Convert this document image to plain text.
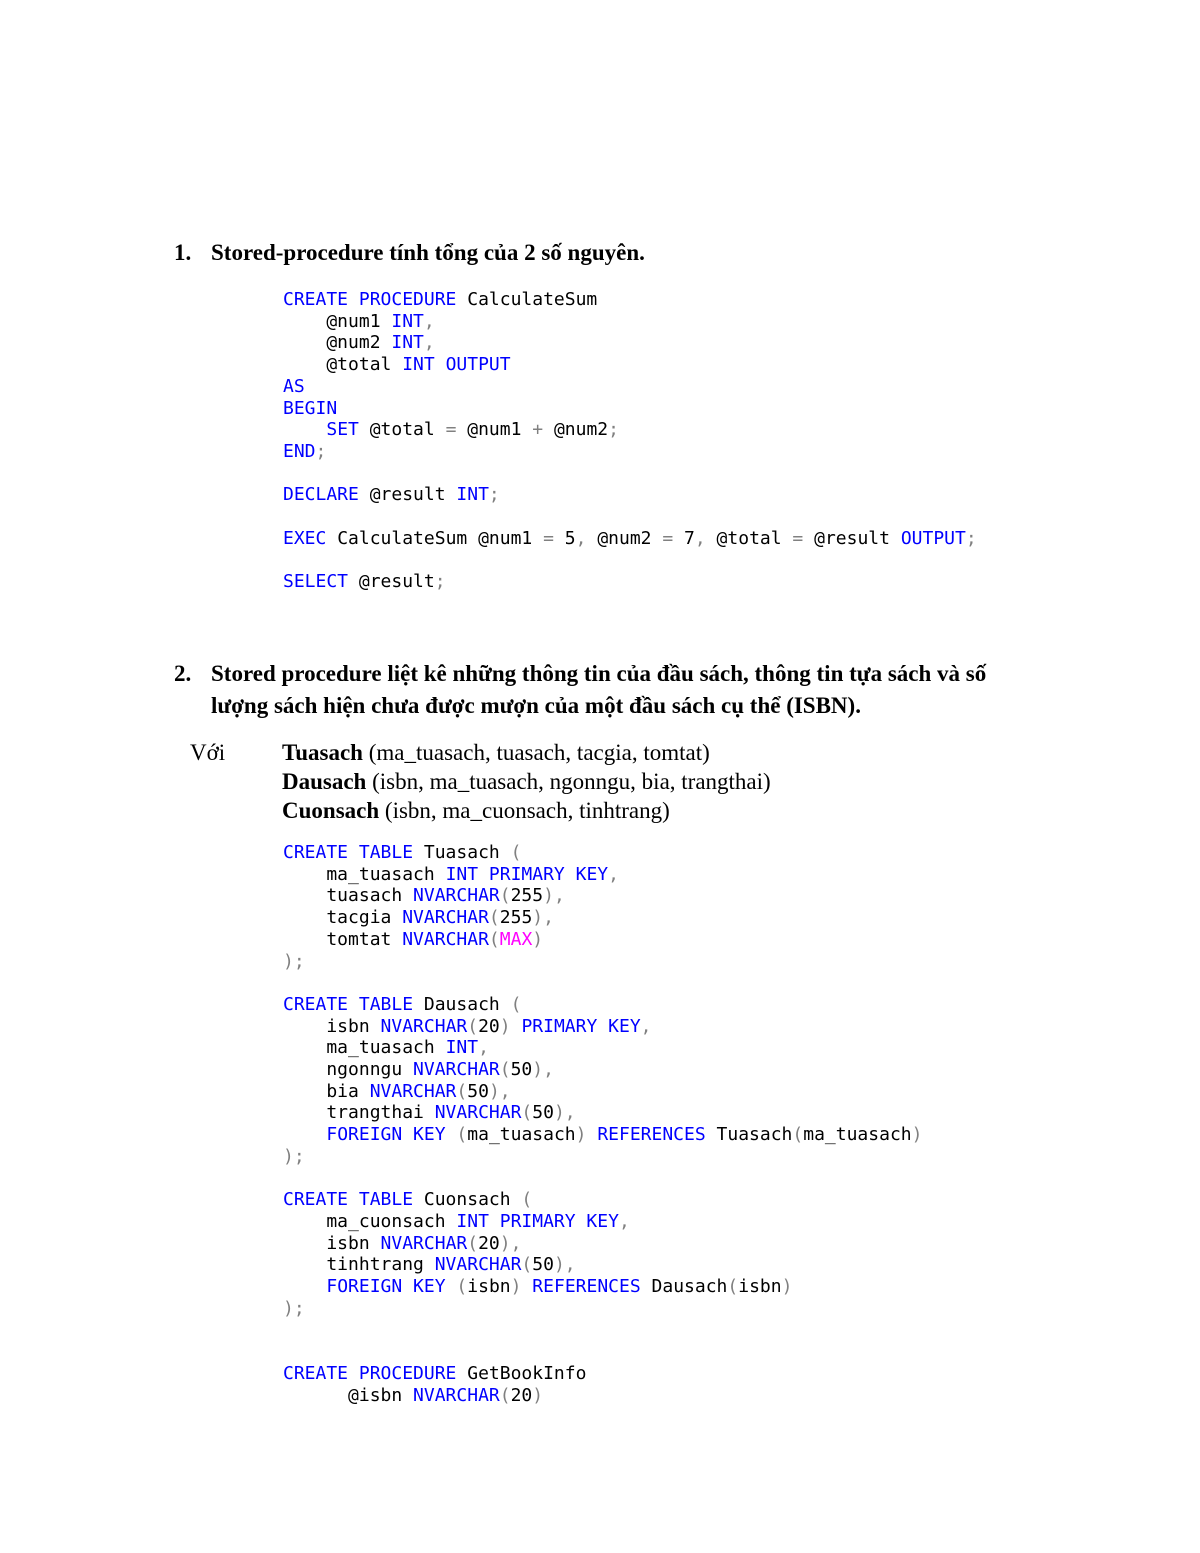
1. Stored-procedure tính tổng của 2 số nguyên.
CREATE PROCEDURE CalculateSum
@num1 INT,
@num2 INT,
@total INT OUTPUT
AS
BEGIN
SET @total = @num1 + @num2;
END;

DECLARE @result INT;

EXEC CalculateSum @num1 = 5, @num2 = 7, @total = @result OUTPUT;

SELECT @result;
2. Stored procedure liệt kê những thông tin của đầu sách, thông tin tựa sách và số
lượng sách hiện chưa được mượn của một đầu sách cụ thể (ISBN).
Với Tuasach (ma_tuasach, tuasach, tacgia, tomtat)
Dausach (isbn, ma_tuasach, ngonngu, bia, trangthai)
Cuonsach (isbn, ma_cuonsach, tinhtrang)
CREATE TABLE Tuasach (
ma_tuasach INT PRIMARY KEY,
tuasach NVARCHAR(255),
tacgia NVARCHAR(255),
tomtat NVARCHAR(MAX)
);

CREATE TABLE Dausach (
isbn NVARCHAR(20) PRIMARY KEY,
ma_tuasach INT,
ngonngu NVARCHAR(50),
bia NVARCHAR(50),
trangthai NVARCHAR(50),
FOREIGN KEY (ma_tuasach) REFERENCES Tuasach(ma_tuasach)
);

CREATE TABLE Cuonsach (
ma_cuonsach INT PRIMARY KEY,
isbn NVARCHAR(20),
tinhtrang NVARCHAR(50),
FOREIGN KEY (isbn) REFERENCES Dausach(isbn)
);

CREATE PROCEDURE GetBookInfo
@isbn NVARCHAR(20)
